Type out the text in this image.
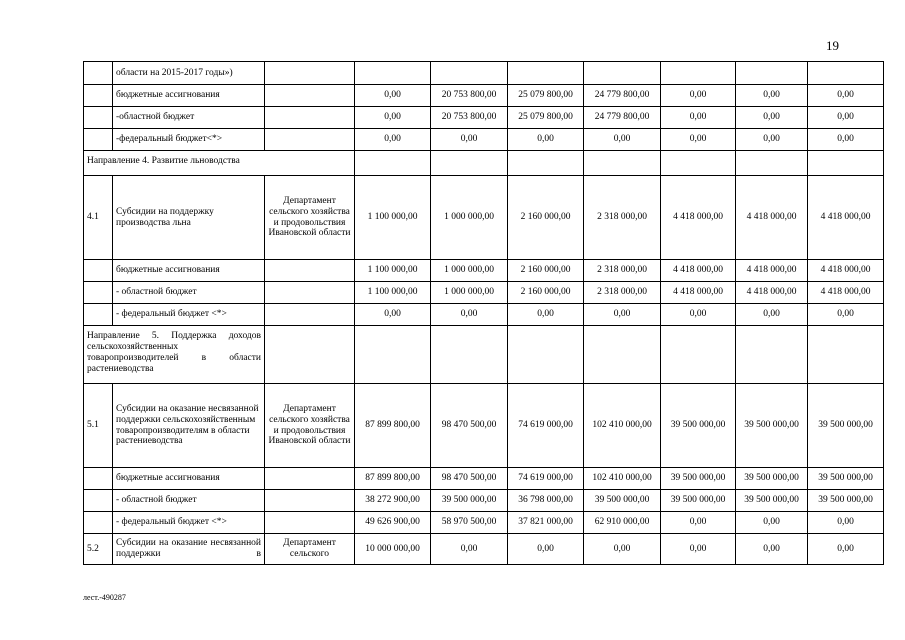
19
	области на 2015-2017 годы»)								
	бюджетные ассигнования		0,00	20 753 800,00	25 079 800,00	24 779 800,00	0,00	0,00	0,00
	-областной бюджет		0,00	20 753 800,00	25 079 800,00	24 779 800,00	0,00	0,00	0,00
	-федеральный бюджет<*>		0,00	0,00	0,00	0,00	0,00	0,00	0,00
Направление 4. Развитие льноводства									
4.1	Субсидии на поддержку производства льна	Департамент сельского хозяйства и продовольствия Ивановской области	1 100 000,00	1 000 000,00	2 160 000,00	2 318 000,00	4 418 000,00	4 418 000,00	4 418 000,00
	бюджетные ассигнования		1 100 000,00	1 000 000,00	2 160 000,00	2 318 000,00	4 418 000,00	4 418 000,00	4 418 000,00
	- областной бюджет		1 100 000,00	1 000 000,00	2 160 000,00	2 318 000,00	4 418 000,00	4 418 000,00	4 418 000,00
	- федеральный бюджет <*>		0,00	0,00	0,00	0,00	0,00	0,00	0,00
Направление 5. Поддержка доходов сельскохозяйственных товаропроизводителей в области растениеводства									
5.1	Субсидии на оказание несвязанной поддержки сельскохозяйственным товаропроизводителям в области растениеводства	Департамент сельского хозяйства и продовольствия Ивановской области	87 899 800,00	98 470 500,00	74 619 000,00	102 410 000,00	39 500 000,00	39 500 000,00	39 500 000,00
	бюджетные ассигнования		87 899 800,00	98 470 500,00	74 619 000,00	102 410 000,00	39 500 000,00	39 500 000,00	39 500 000,00
	- областной бюджет		38 272 900,00	39 500 000,00	36 798 000,00	39 500 000,00	39 500 000,00	39 500 000,00	39 500 000,00
	- федеральный бюджет <*>		49 626 900,00	58 970 500,00	37 821 000,00	62 910 000,00	0,00	0,00	0,00
5.2	Субсидии на оказание несвязанной поддержки в	Департамент сельского	10 000 000,00	0,00	0,00	0,00	0,00	0,00	0,00
лест.-490287
